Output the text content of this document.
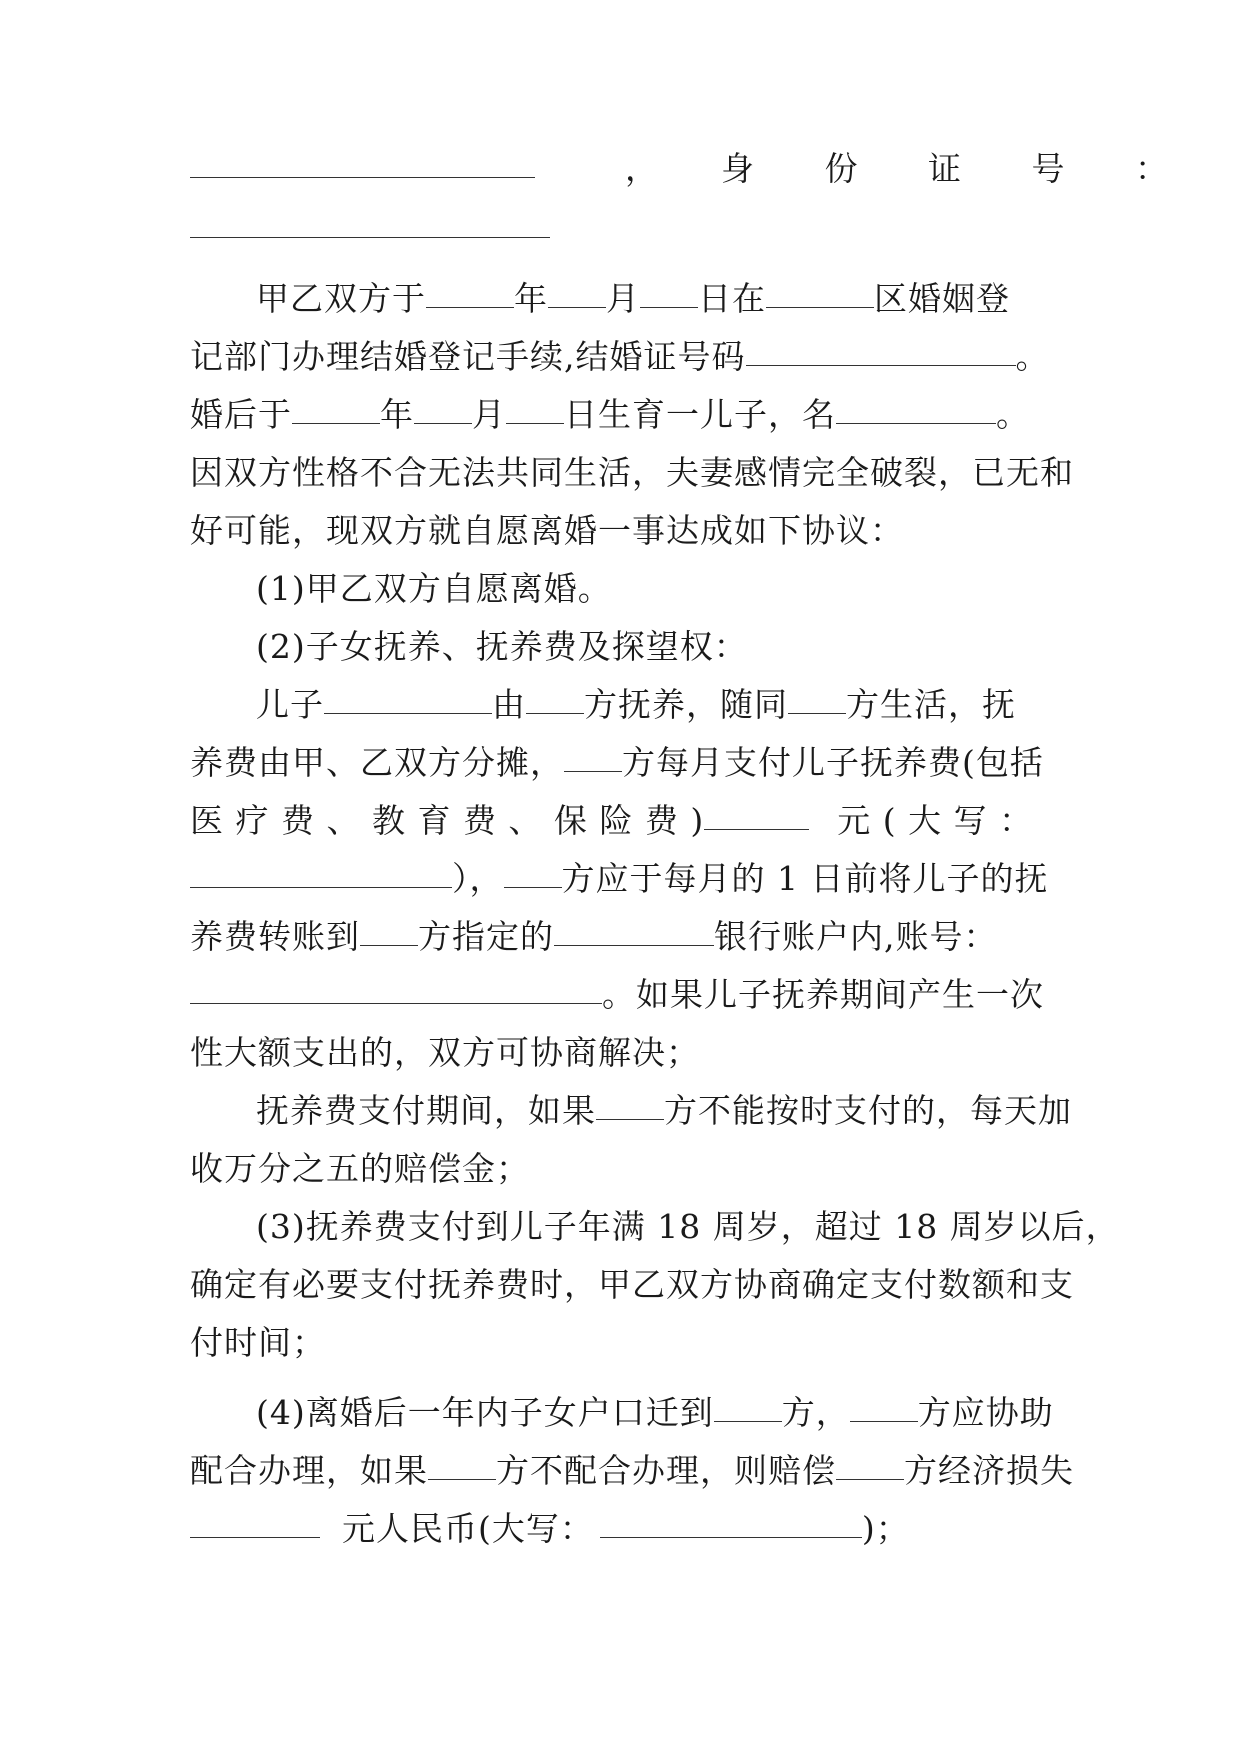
， 身 份 证 号 ：
甲乙双方于	年 月 日在	区婚姻登
记部门办理结婚登记手续,结婚证号码	。
婚后于	年 月 日生育一儿子，名	。
因双方性格不合无法共同生活，夫妻感情完全破裂，已无和
好可能，现双方就自愿离婚一事达成如下协议：
(1)甲乙双方自愿离婚。
(2)子女抚养、抚养费及探望权：
儿子	由 方抚养，随同 方生活，抚
养费由甲、乙双方分摊， 方每月支付儿子抚养费(包括
医 疗 费 、 教 育 费 、 保 险 费 )	元 ( 大 写 ：
）， 方应于每月的 1 日前将儿子的抚
养费转账到 方指定的	银行账户内,账号：
。如果儿子抚养期间产生一次
性大额支出的，双方可协商解决；
抚养费支付期间，如果 方不能按时支付的，每天加
收万分之五的赔偿金；
(3)抚养费支付到儿子年满 18 周岁，超过 18 周岁以后，
确定有必要支付抚养费时，甲乙双方协商确定支付数额和支
付时间；
(4)离婚后一年内子女户口迁到 方， 方应协助
配合办理，如果 方不配合办理，则赔偿 方经济损失
元人民币(大写：	)；
